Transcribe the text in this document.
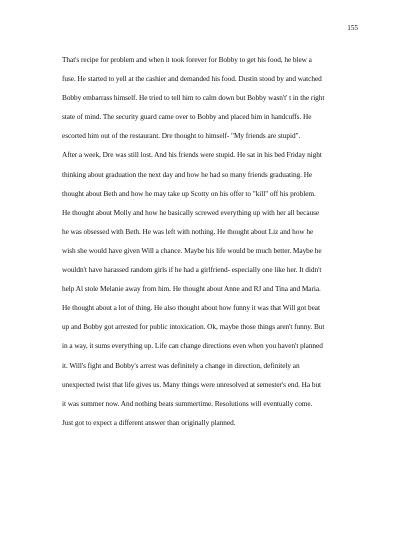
155
That's recipe for problem and when it took forever for Bobby to get his food, he blew a
fuse. He started to yell at the cashier and demanded his food. Dustin stood by and watched
Bobby embarrass himself. He tried to tell him to calm down but Bobby wasn't' t in the right
state of mind. The security guard came over to Bobby and placed him in handcuffs. He
escorted him out of the restaurant. Dre thought to himself- "My friends are stupid".
After a week, Dre was still lost. And his friends were stupid. He sat in his bed Friday night
thinking about graduation the next day and how he had so many friends graduating. He
thought about Beth and how he may take up Scotty on his offer to "kill" off his problem.
He thought about Molly and how he basically screwed everything up with her all because
he was obsessed with Beth. He was left with nothing. He thought about Liz and how he
wish she would have given Will a chance. Maybe his life would be much better. Maybe he
wouldn't have harassed random girls if he had a girlfriend- especially one like her. It didn't
help Al stole Melanie away from him. He thought about Anne and RJ and Tina and Maria.
He thought about a lot of thing. He also thought about how funny it was that Will got beat
up and Bobby got arrested for public intoxication. Ok, maybe those things aren't funny. But
in a way, it sums everything up. Life can change directions even when you haven't planned
it. Will's fight and Bobby's arrest was definitely a change in direction, definitely an
unexpected twist that life gives us. Many things were unresolved at semester's end. Ha but
it was summer now. And nothing beats summertime. Resolutions will eventually come.
Just got to expect a different answer than originally planned.
